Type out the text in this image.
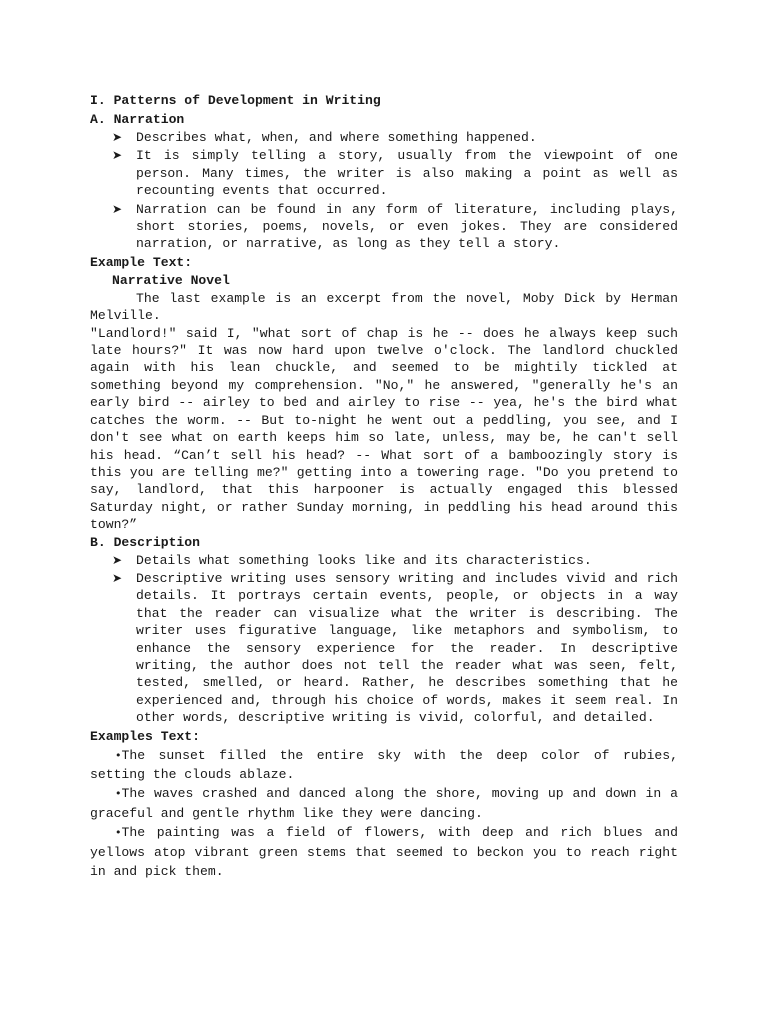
I. Patterns of Development in Writing
A. Narration
➤	Describes what, when, and where something happened.
➤	It is simply telling a story, usually from the viewpoint of one person. Many times, the writer is also making a point as well as recounting events that occurred.
➤	Narration can be found in any form of literature, including plays, short stories, poems, novels, or even jokes. They are considered narration, or narrative, as long as they tell a story.
Example Text:
Narrative Novel
The last example is an excerpt from the novel, Moby Dick by Herman Melville.
"Landlord!" said I, "what sort of chap is he -- does he always keep such late hours?" It was now hard upon twelve o'clock. The landlord chuckled again with his lean chuckle, and seemed to be mightily tickled at something beyond my comprehension. "No," he answered, "generally he's an early bird -- airley to bed and airley to rise -- yea, he's the bird what catches the worm. -- But to-night he went out a peddling, you see, and I don't see what on earth keeps him so late, unless, may be, he can't sell his head. “Can’t sell his head? -- What sort of a bamboozingly story is this you are telling me?" getting into a towering rage. "Do you pretend to say, landlord, that this harpooner is actually engaged this blessed Saturday night, or rather Sunday morning, in peddling his head around this town?”
B. Description
➤	Details what something looks like and its characteristics.
➤	Descriptive writing uses sensory writing and includes vivid and rich details. It portrays certain events, people, or objects in a way that the reader can visualize what the writer is describing. The writer uses figurative language, like metaphors and symbolism, to enhance the sensory experience for the reader. In descriptive writing, the author does not tell the reader what was seen, felt, tested, smelled, or heard. Rather, he describes something that he experienced and, through his choice of words, makes it seem real. In other words, descriptive writing is vivid, colorful, and detailed.
Examples Text:
•The sunset filled the entire sky with the deep color of rubies, setting the clouds ablaze.
•The waves crashed and danced along the shore, moving up and down in a graceful and gentle rhythm like they were dancing.
•The painting was a field of flowers, with deep and rich blues and yellows atop vibrant green stems that seemed to beckon you to reach right in and pick them.
